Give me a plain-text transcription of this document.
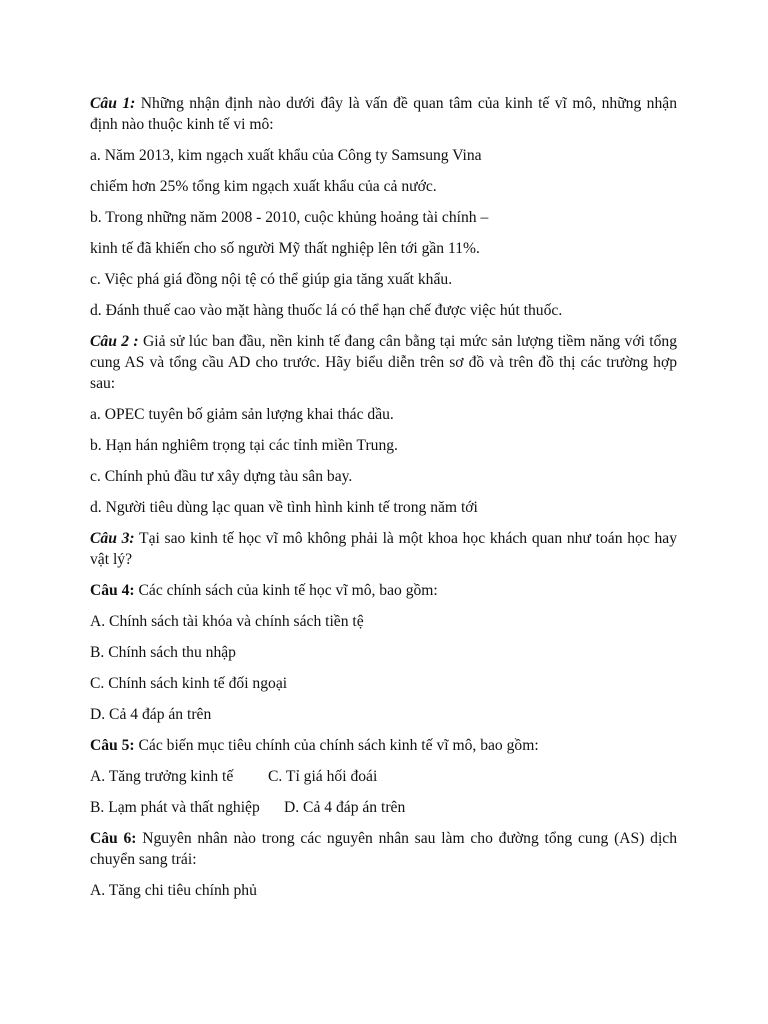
Câu 1: Những nhận định nào dưới đây là vấn đề quan tâm của kinh tế vĩ mô, những nhận định nào thuộc kinh tế vi mô:

a. Năm 2013, kim ngạch xuất khẩu của Công ty Samsung Vina

chiếm hơn 25% tổng kim ngạch xuất khẩu của cả nước.

b. Trong những năm 2008 - 2010, cuộc khủng hoảng tài chính –

kinh tế đã khiến cho số người Mỹ thất nghiệp lên tới gần 11%.

c. Việc phá giá đồng nội tệ có thể giúp gia tăng xuất khẩu.

d. Đánh thuế cao vào mặt hàng thuốc lá có thể hạn chế được việc hút thuốc.

Câu 2 : Giả sử lúc ban đầu, nền kinh tế đang cân bằng tại mức sản lượng tiềm năng với tổng cung AS và tổng cầu AD cho trước. Hãy biểu diễn trên sơ đồ và trên đồ thị các trường hợp sau:

a. OPEC tuyên bố giảm sản lượng khai thác dầu.

b. Hạn hán nghiêm trọng tại các tỉnh miền Trung.

c. Chính phủ đầu tư xây dựng tàu sân bay.

d. Người tiêu dùng lạc quan về tình hình kinh tế trong năm tới

Câu 3: Tại sao kinh tế học vĩ mô không phải là một khoa học khách quan như toán học hay vật lý?

Câu 4: Các chính sách của kinh tế học vĩ mô, bao gồm:

A. Chính sách tài khóa và chính sách tiền tệ

B. Chính sách thu nhập

C. Chính sách kinh tế đối ngoại

D. Cả 4 đáp án trên

Câu 5: Các biến mục tiêu chính của chính sách kinh tế vĩ mô, bao gồm:

A. Tăng trưởng kinh tế C. Tỉ giá hối đoái

B. Lạm phát và thất nghiệp D. Cả 4 đáp án trên

Câu 6: Nguyên nhân nào trong các nguyên nhân sau làm cho đường tổng cung (AS) dịch chuyển sang trái:

A. Tăng chi tiêu chính phủ
